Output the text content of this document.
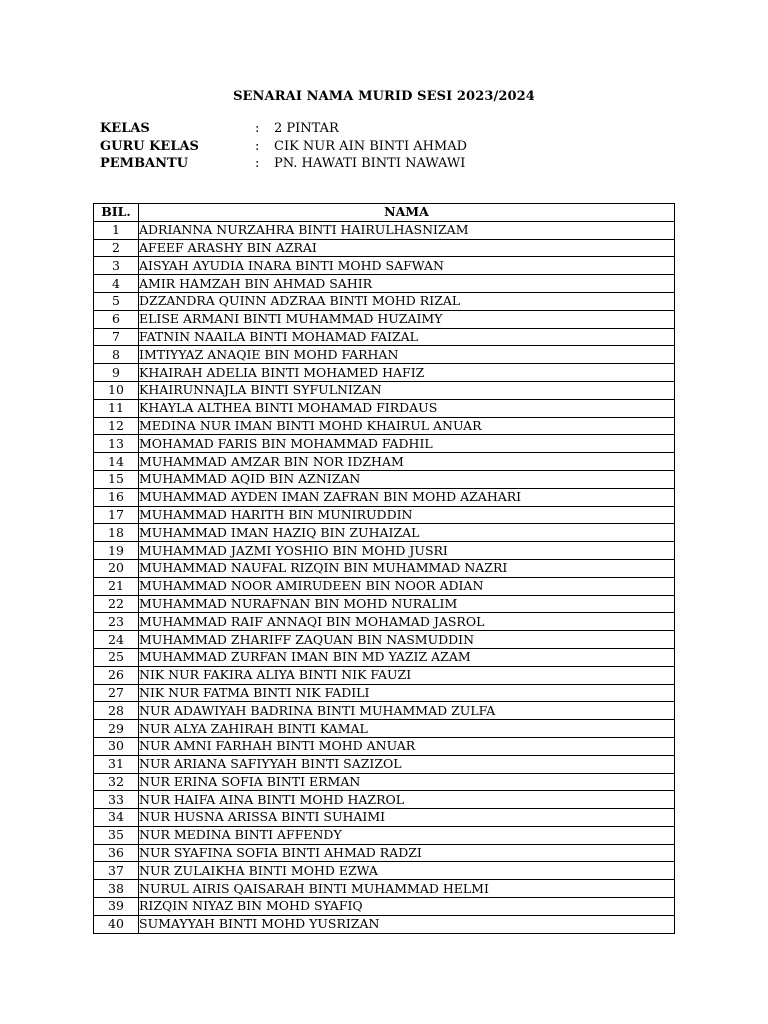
SENARAI NAMA MURID SESI 2023/2024
KELAS	:	2 PINTAR
GURU KELAS	:	CIK NUR AIN BINTI AHMAD
PEMBANTU	:	PN. HAWATI BINTI NAWAWI
BIL.	NAMA
1	ADRIANNA NURZAHRA BINTI HAIRULHASNIZAM
2	AFEEF ARASHY BIN AZRAI
3	AISYAH AYUDIA INARA BINTI MOHD SAFWAN
4	AMIR HAMZAH BIN AHMAD SAHIR
5	DZZANDRA QUINN ADZRAA BINTI MOHD RIZAL
6	ELISE ARMANI BINTI MUHAMMAD HUZAIMY
7	FATNIN NAAILA BINTI MOHAMAD FAIZAL
8	IMTIYYAZ ANAQIE BIN MOHD FARHAN
9	KHAIRAH ADELIA BINTI MOHAMED HAFIZ
10	KHAIRUNNAJLA BINTI SYFULNIZAN
11	KHAYLA ALTHEA BINTI MOHAMAD FIRDAUS
12	MEDINA NUR IMAN BINTI MOHD KHAIRUL ANUAR
13	MOHAMAD FARIS BIN MOHAMMAD FADHIL
14	MUHAMMAD AMZAR BIN NOR IDZHAM
15	MUHAMMAD AQID BIN AZNIZAN
16	MUHAMMAD AYDEN IMAN ZAFRAN BIN MOHD AZAHARI
17	MUHAMMAD HARITH BIN MUNIRUDDIN
18	MUHAMMAD IMAN HAZIQ BIN ZUHAIZAL
19	MUHAMMAD JAZMI YOSHIO BIN MOHD JUSRI
20	MUHAMMAD NAUFAL RIZQIN BIN MUHAMMAD NAZRI
21	MUHAMMAD NOOR AMIRUDEEN BIN NOOR ADIAN
22	MUHAMMAD NURAFNAN BIN MOHD NURALIM
23	MUHAMMAD RAIF ANNAQI BIN MOHAMAD JASROL
24	MUHAMMAD ZHARIFF ZAQUAN BIN NASMUDDIN
25	MUHAMMAD ZURFAN IMAN BIN MD YAZIZ AZAM
26	NIK NUR FAKIRA ALIYA BINTI NIK FAUZI
27	NIK NUR FATMA BINTI NIK FADILI
28	NUR ADAWIYAH BADRINA BINTI MUHAMMAD ZULFA
29	NUR ALYA ZAHIRAH BINTI KAMAL
30	NUR AMNI FARHAH BINTI MOHD ANUAR
31	NUR ARIANA SAFIYYAH BINTI SAZIZOL
32	NUR ERINA SOFIA BINTI ERMAN
33	NUR HAIFA AINA BINTI MOHD HAZROL
34	NUR HUSNA ARISSA BINTI SUHAIMI
35	NUR MEDINA BINTI AFFENDY
36	NUR SYAFINA SOFIA BINTI AHMAD RADZI
37	NUR ZULAIKHA BINTI MOHD EZWA
38	NURUL AIRIS QAISARAH BINTI MUHAMMAD HELMI
39	RIZQIN NIYAZ BIN MOHD SYAFIQ
40	SUMAYYAH BINTI MOHD YUSRIZAN
